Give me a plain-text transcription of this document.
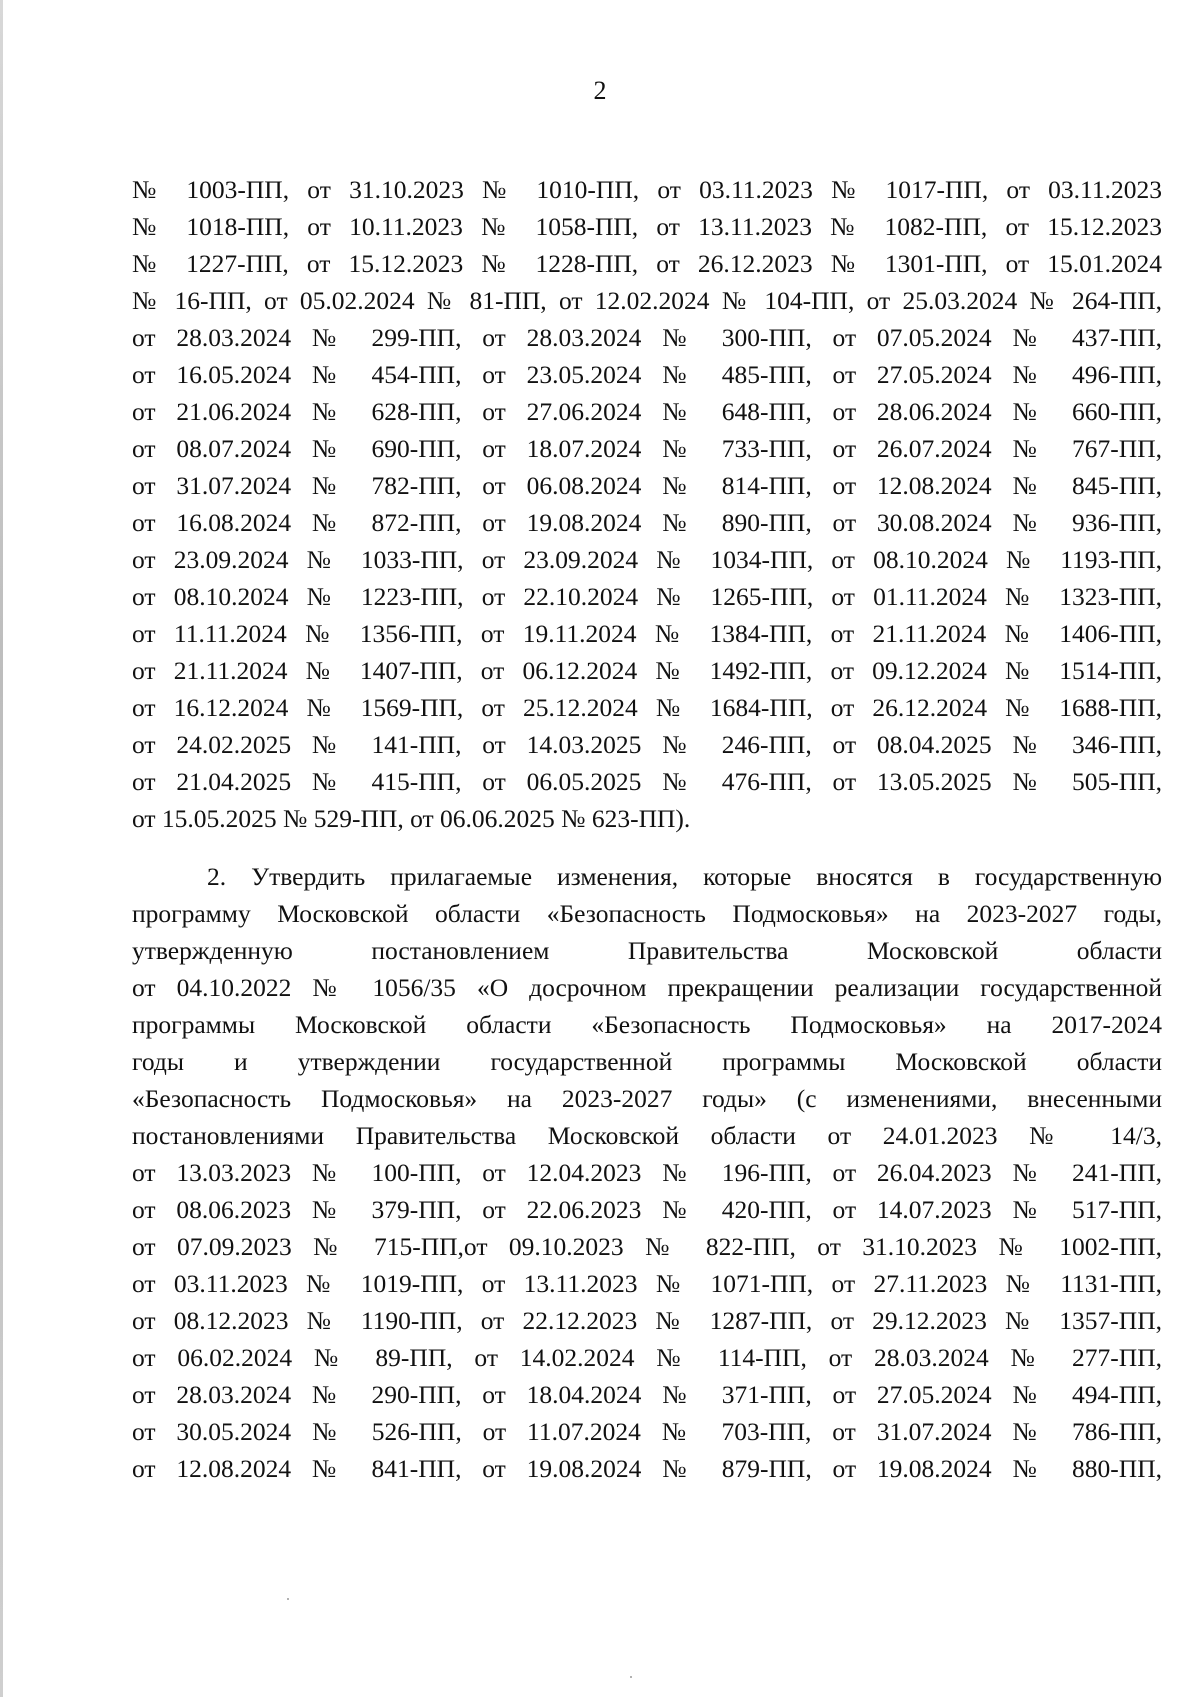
2
№ 1003-ПП, от 31.10.2023 № 1010-ПП, от 03.11.2023 № 1017-ПП, от 03.11.2023
№ 1018-ПП, от 10.11.2023 № 1058-ПП, от 13.11.2023 № 1082-ПП, от 15.12.2023
№ 1227-ПП, от 15.12.2023 № 1228-ПП, от 26.12.2023 № 1301-ПП, от 15.01.2024
№ 16-ПП, от 05.02.2024 № 81-ПП, от 12.02.2024 № 104-ПП, от 25.03.2024 № 264-ПП,
от 28.03.2024 № 299-ПП, от 28.03.2024 № 300-ПП, от 07.05.2024 № 437-ПП,
от 16.05.2024 № 454-ПП, от 23.05.2024 № 485-ПП, от 27.05.2024 № 496-ПП,
от 21.06.2024 № 628-ПП, от 27.06.2024 № 648-ПП, от 28.06.2024 № 660-ПП,
от 08.07.2024 № 690-ПП, от 18.07.2024 № 733-ПП, от 26.07.2024 № 767-ПП,
от 31.07.2024 № 782-ПП, от 06.08.2024 № 814-ПП, от 12.08.2024 № 845-ПП,
от 16.08.2024 № 872-ПП, от 19.08.2024 № 890-ПП, от 30.08.2024 № 936-ПП,
от 23.09.2024 № 1033-ПП, от 23.09.2024 № 1034-ПП, от 08.10.2024 № 1193-ПП,
от 08.10.2024 № 1223-ПП, от 22.10.2024 № 1265-ПП, от 01.11.2024 № 1323-ПП,
от 11.11.2024 № 1356-ПП, от 19.11.2024 № 1384-ПП, от 21.11.2024 № 1406-ПП,
от 21.11.2024 № 1407-ПП, от 06.12.2024 № 1492-ПП, от 09.12.2024 № 1514-ПП,
от 16.12.2024 № 1569-ПП, от 25.12.2024 № 1684-ПП, от 26.12.2024 № 1688-ПП,
от 24.02.2025 № 141-ПП, от 14.03.2025 № 246-ПП, от 08.04.2025 № 346-ПП,
от 21.04.2025 № 415-ПП, от 06.05.2025 № 476-ПП, от 13.05.2025 № 505-ПП,
от 15.05.2025 № 529-ПП, от 06.06.2025 № 623-ПП).
2. Утвердить прилагаемые изменения, которые вносятся в государственную
программу Московской области «Безопасность Подмосковья» на 2023-2027 годы,
утвержденную постановлением Правительства Московской области
от 04.10.2022 № 1056/35 «О досрочном прекращении реализации государственной
программы Московской области «Безопасность Подмосковья» на 2017-2024
годы и утверждении государственной программы Московской области
«Безопасность Подмосковья» на 2023-2027 годы» (с изменениями, внесенными
постановлениями Правительства Московской области от 24.01.2023 № 14/3,
от 13.03.2023 № 100-ПП, от 12.04.2023 № 196-ПП, от 26.04.2023 № 241-ПП,
от 08.06.2023 № 379-ПП, от 22.06.2023 № 420-ПП, от 14.07.2023 № 517-ПП,
от 07.09.2023 № 715-ПП,от 09.10.2023 № 822-ПП, от 31.10.2023 № 1002-ПП,
от 03.11.2023 № 1019-ПП, от 13.11.2023 № 1071-ПП, от 27.11.2023 № 1131-ПП,
от 08.12.2023 № 1190-ПП, от 22.12.2023 № 1287-ПП, от 29.12.2023 № 1357-ПП,
от 06.02.2024 № 89-ПП, от 14.02.2024 № 114-ПП, от 28.03.2024 № 277-ПП,
от 28.03.2024 № 290-ПП, от 18.04.2024 № 371-ПП, от 27.05.2024 № 494-ПП,
от 30.05.2024 № 526-ПП, от 11.07.2024 № 703-ПП, от 31.07.2024 № 786-ПП,
от 12.08.2024 № 841-ПП, от 19.08.2024 № 879-ПП, от 19.08.2024 № 880-ПП,
